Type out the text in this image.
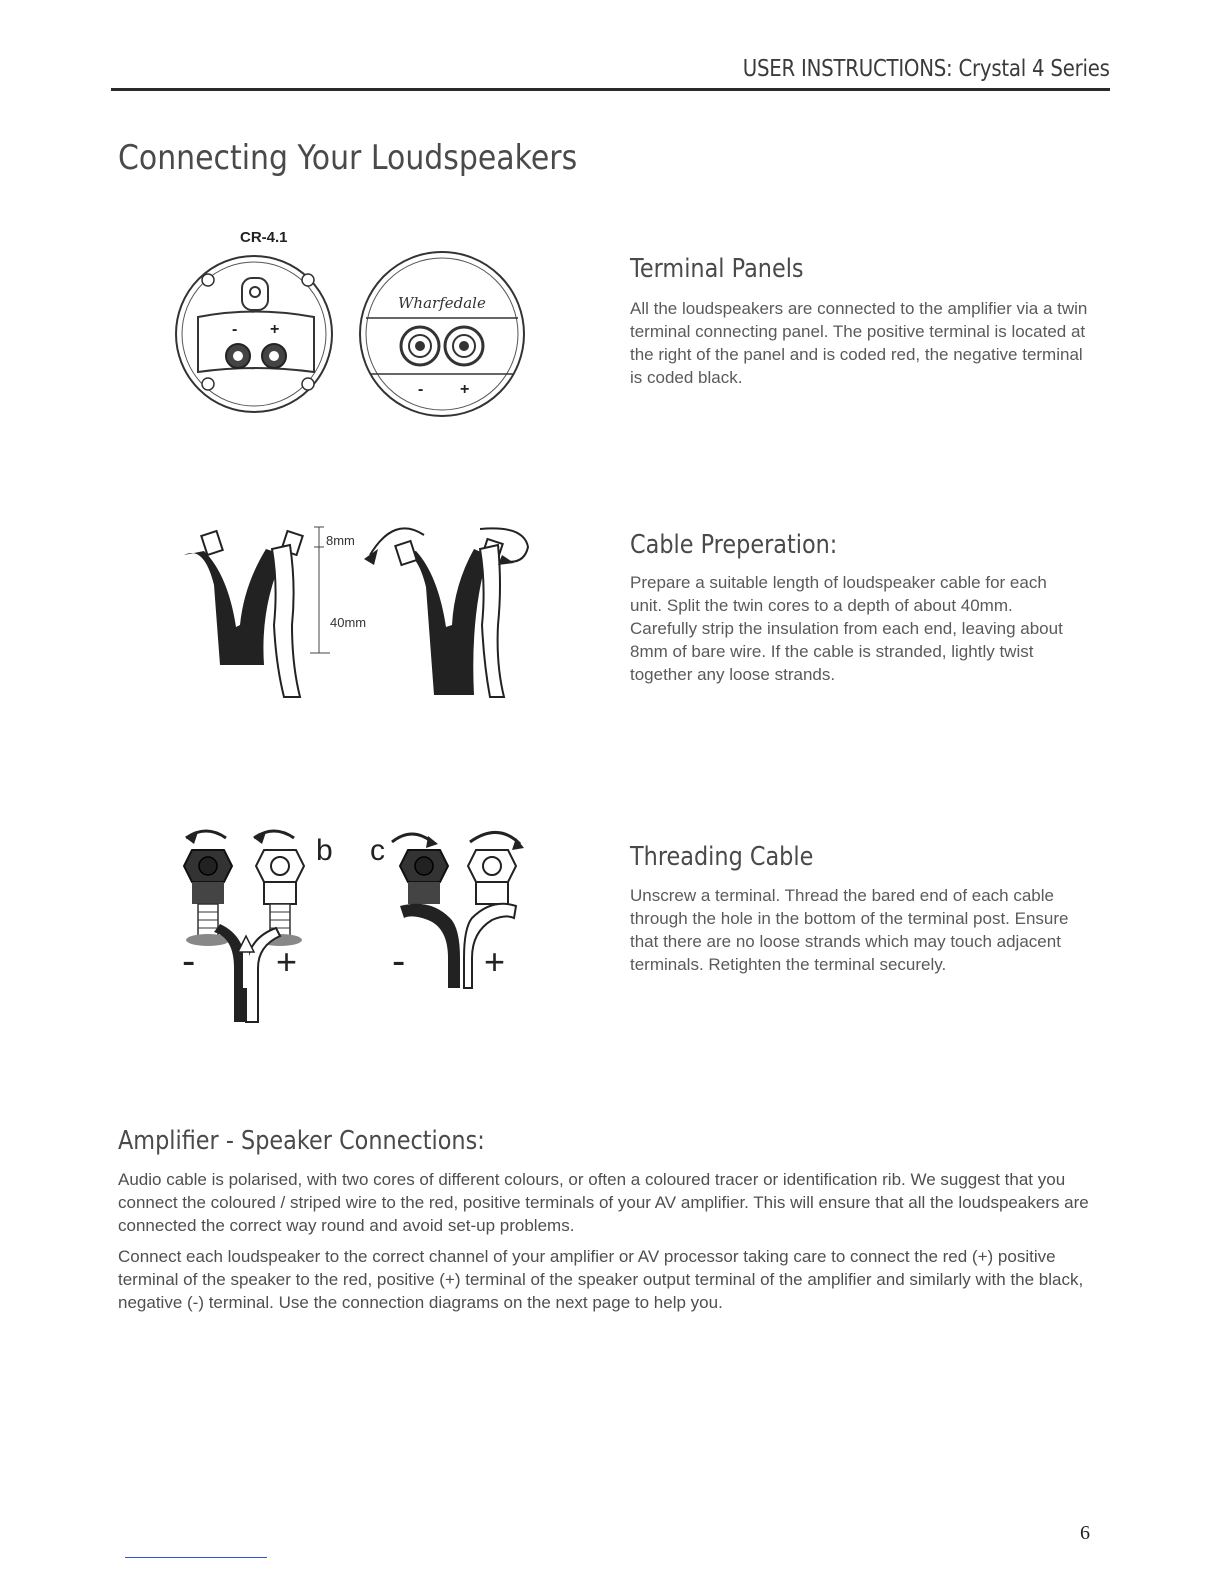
USER INSTRUCTIONS: Crystal 4 Series
Connecting Your Loudspeakers
CR-4.1
- +
Wharfedale
- +
Terminal Panels

All the loudspeakers are connected to the amplifier via a twin terminal connecting panel. The positive terminal is located at the right of the panel and is coded red, the negative terminal is coded black.

8mm
40mm
Cable Preperation:

Prepare a suitable length of loudspeaker cable for each unit. Split the twin cores to a depth of about 40mm. Carefully strip the insulation from each end, leaving about 8mm of bare wire. If the cable is stranded, lightly twist together any loose strands.

- +
b c
- +
Threading Cable

Unscrew a terminal. Thread the bared end of each cable through the hole in the bottom of the terminal post. Ensure that there are no loose strands which may touch adjacent terminals. Retighten the terminal securely.

Amplifier - Speaker Connections:

Audio cable is polarised, with two cores of different colours, or often a coloured tracer or identification rib. We suggest that you connect the coloured / striped wire to the red, positive terminals of your AV amplifier. This will ensure that all the loudspeakers are connected the correct way round and avoid set-up problems.

Connect each loudspeaker to the correct channel of your amplifier or AV processor taking care to connect the red (+) positive terminal of the speaker to the red, positive (+) terminal of the speaker output terminal of the amplifier and similarly with the black, negative (-) terminal. Use the connection diagrams on the next page to help you.

6
